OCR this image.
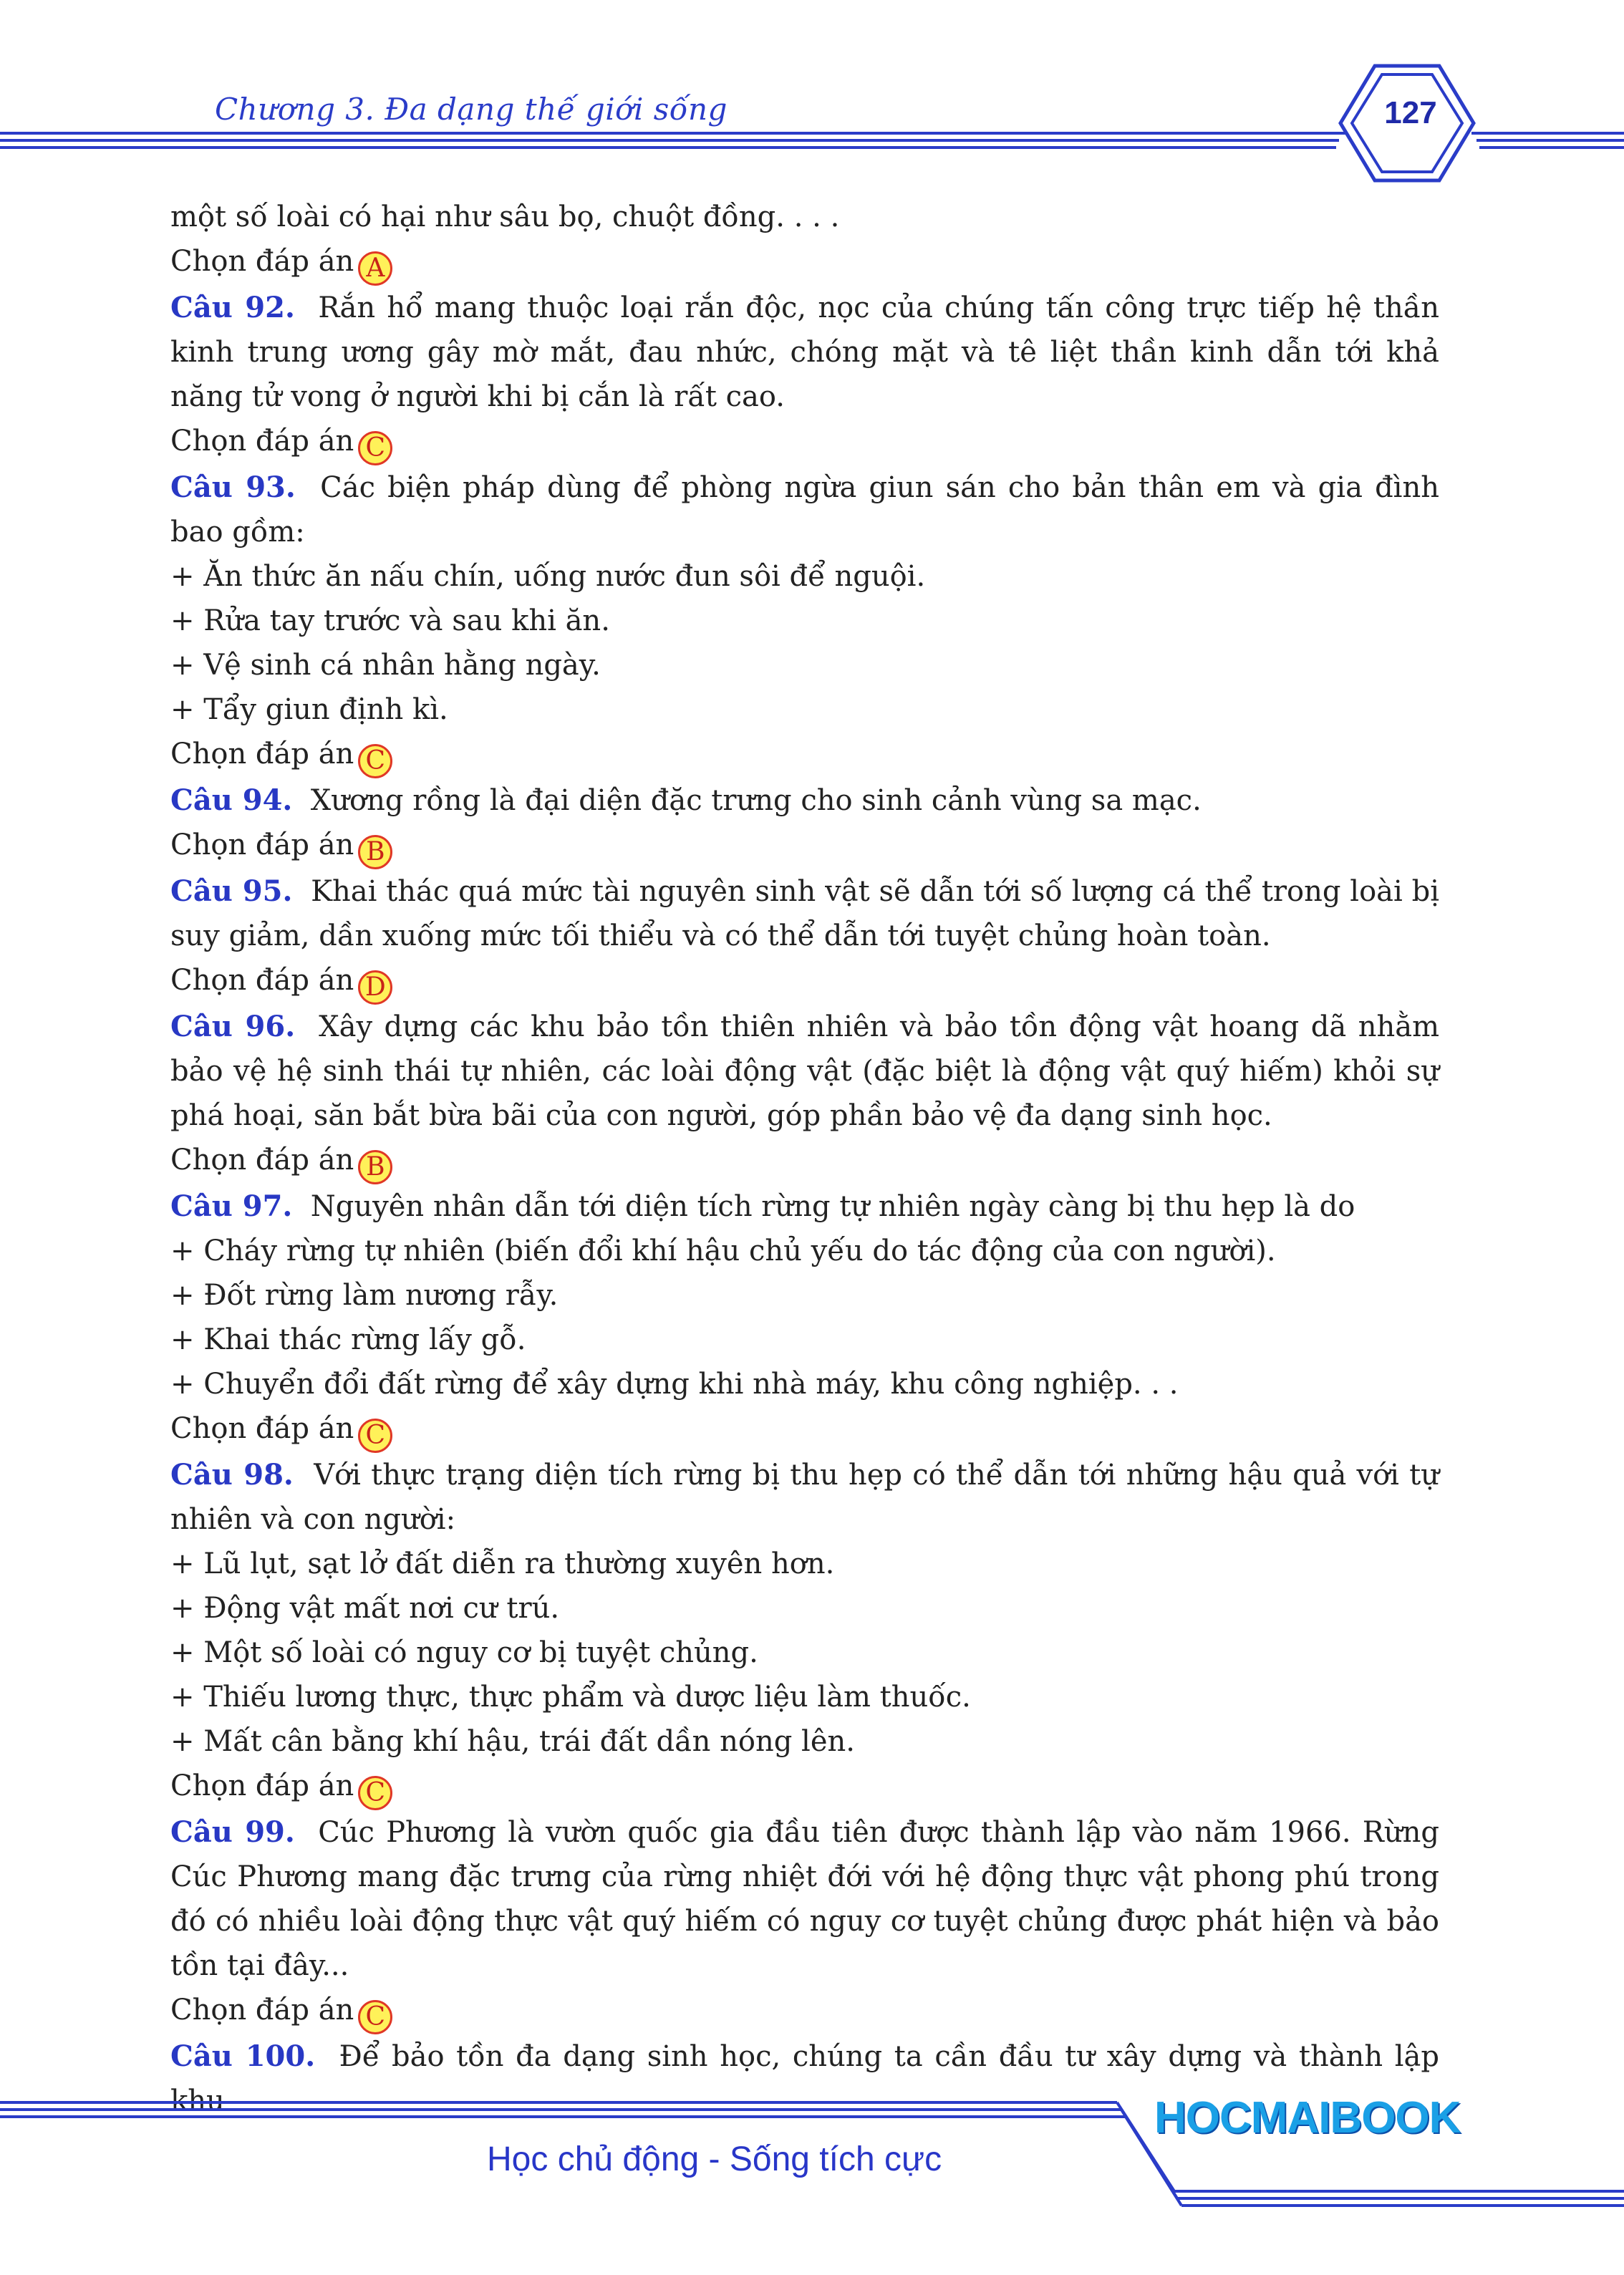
Chương 3. Đa dạng thế giới sống	127

một số loài có hại như sâu bọ, chuột đồng. . . .

Chọn đáp án A

Câu 92. Rắn hổ mang thuộc loại rắn độc, nọc của chúng tấn công trực tiếp hệ thần kinh trung ương gây mờ mắt, đau nhức, chóng mặt và tê liệt thần kinh dẫn tới khả năng tử vong ở người khi bị cắn là rất cao.

Chọn đáp án C

Câu 93. Các biện pháp dùng để phòng ngừa giun sán cho bản thân em và gia đình bao gồm:

+ Ăn thức ăn nấu chín, uống nước đun sôi để nguội.

+ Rửa tay trước và sau khi ăn.

+ Vệ sinh cá nhân hằng ngày.

+ Tẩy giun định kì.

Chọn đáp án C

Câu 94. Xương rồng là đại diện đặc trưng cho sinh cảnh vùng sa mạc.

Chọn đáp án B

Câu 95. Khai thác quá mức tài nguyên sinh vật sẽ dẫn tới số lượng cá thể trong loài bị suy giảm, dần xuống mức tối thiểu và có thể dẫn tới tuyệt chủng hoàn toàn.

Chọn đáp án D

Câu 96. Xây dựng các khu bảo tồn thiên nhiên và bảo tồn động vật hoang dã nhằm bảo vệ hệ sinh thái tự nhiên, các loài động vật (đặc biệt là động vật quý hiếm) khỏi sự phá hoại, săn bắt bừa bãi của con người, góp phần bảo vệ đa dạng sinh học.

Chọn đáp án B

Câu 97. Nguyên nhân dẫn tới diện tích rừng tự nhiên ngày càng bị thu hẹp là do

+ Cháy rừng tự nhiên (biến đổi khí hậu chủ yếu do tác động của con người).

+ Đốt rừng làm nương rẫy.

+ Khai thác rừng lấy gỗ.

+ Chuyển đổi đất rừng để xây dựng khi nhà máy, khu công nghiệp. . .

Chọn đáp án C

Câu 98. Với thực trạng diện tích rừng bị thu hẹp có thể dẫn tới những hậu quả với tự nhiên và con người:

+ Lũ lụt, sạt lở đất diễn ra thường xuyên hơn.

+ Động vật mất nơi cư trú.

+ Một số loài có nguy cơ bị tuyệt chủng.

+ Thiếu lương thực, thực phẩm và dược liệu làm thuốc.

+ Mất cân bằng khí hậu, trái đất dần nóng lên.

Chọn đáp án C

Câu 99. Cúc Phương là vườn quốc gia đầu tiên được thành lập vào năm 1966. Rừng Cúc Phương mang đặc trưng của rừng nhiệt đới với hệ động thực vật phong phú trong đó có nhiều loài động thực vật quý hiếm có nguy cơ tuyệt chủng được phát hiện và bảo tồn tại đây...

Chọn đáp án C

Câu 100. Để bảo tồn đa dạng sinh học, chúng ta cần đầu tư xây dựng và thành lập khu

Học chủ động - Sống tích cực
HOCMAIBOOK
